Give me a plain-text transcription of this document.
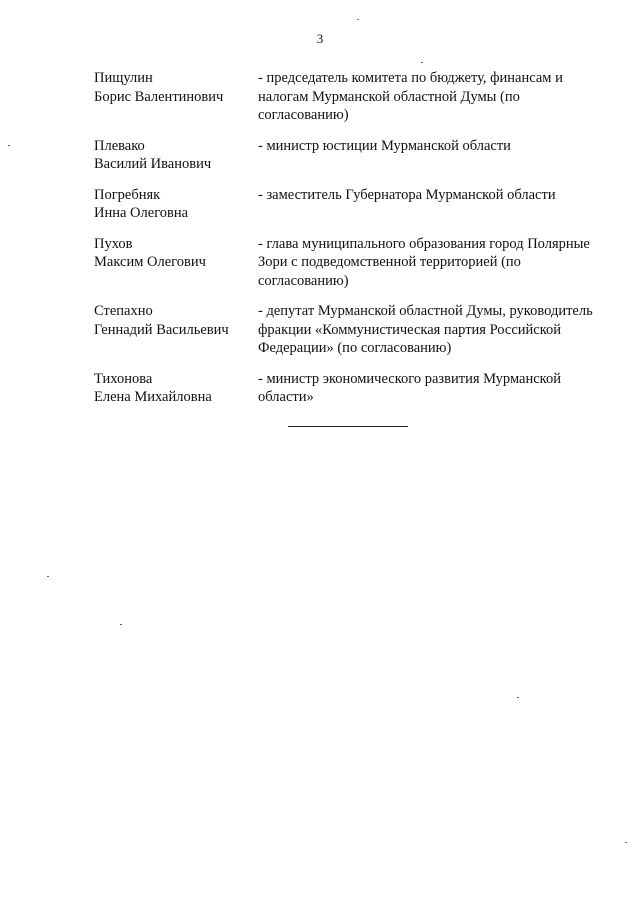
3
Пищулин
Борис Валентинович
- председатель комитета по бюджету, финансам и налогам Мурманской областной Думы (по согласованию)
Плевако
Василий Иванович
- министр юстиции Мурманской области
Погребняк
Инна Олеговна
- заместитель Губернатора Мурманской области
Пухов
Максим Олегович
- глава муниципального образования город Полярные Зори с подведомственной территорией (по согласованию)
Степахно
Геннадий Васильевич
- депутат Мурманской областной Думы, руководитель фракции «Коммунистическая партия Российской Федерации» (по согласованию)
Тихонова
Елена Михайловна
- министр экономического развития Мурманской области»
